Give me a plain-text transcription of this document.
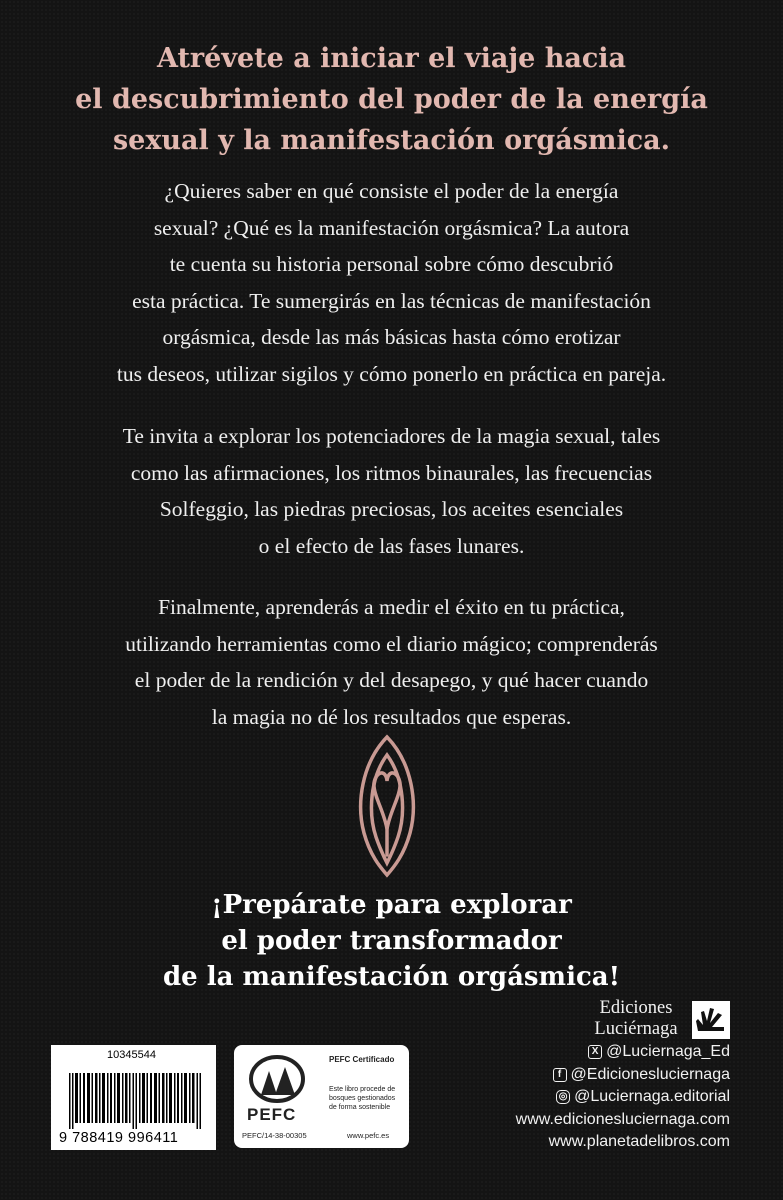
Atrévete a iniciar el viaje hacia
el descubrimiento del poder de la energía
sexual y la manifestación orgásmica.
¿Quieres saber en qué consiste el poder de la energía
sexual? ¿Qué es la manifestación orgásmica? La autora
te cuenta su historia personal sobre cómo descubrió
esta práctica. Te sumergirás en las técnicas de manifestación
orgásmica, desde las más básicas hasta cómo erotizar
tus deseos, utilizar sigilos y cómo ponerlo en práctica en pareja.
Te invita a explorar los potenciadores de la magia sexual, tales
como las afirmaciones, los ritmos binaurales, las frecuencias
Solfeggio, las piedras preciosas, los aceites esenciales
o el efecto de las fases lunares.
Finalmente, aprenderás a medir el éxito en tu práctica,
utilizando herramientas como el diario mágico; comprenderás
el poder de la rendición y del desapego, y qué hacer cuando
la magia no dé los resultados que esperas.
¡Prepárate para explorar
el poder transformador
de la manifestación orgásmica!
Ediciones
Luciérnaga
X @Luciernaga_Ed
f @Edicionesluciernaga
◎ @Luciernaga.editorial
www.edicionesluciernaga.com
www.planetadelibros.com
10345544
9 788419 996411
PEFC
PEFC/14-38-00305
PEFC Certificado
Este libro procede de bosques gestionados de forma sostenible
www.pefc.es
